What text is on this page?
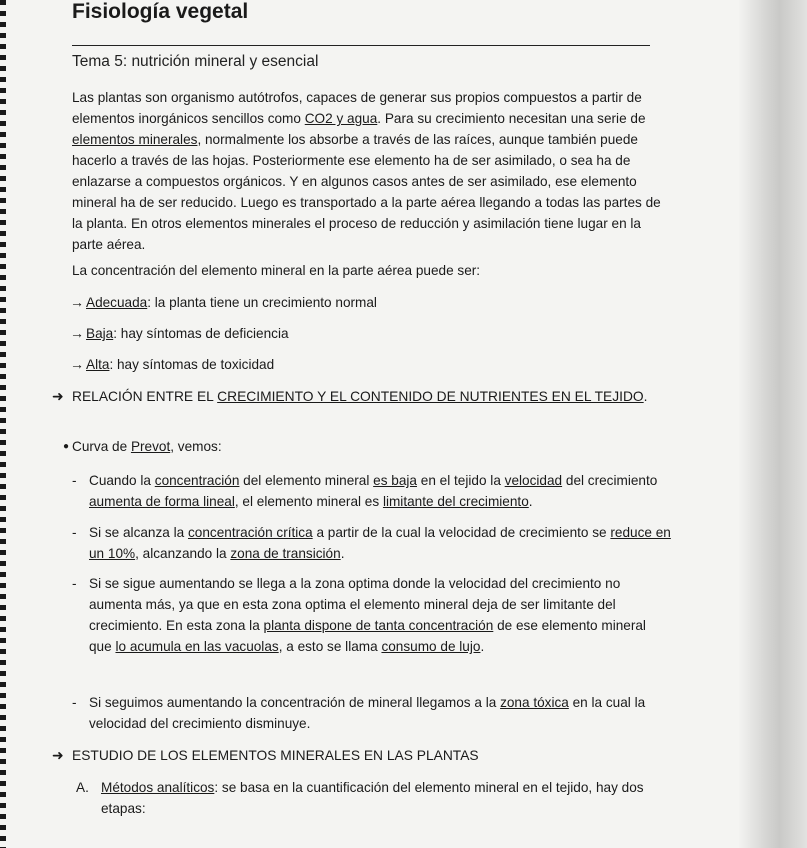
Fisiología vegetal
Tema 5: nutrición mineral y esencial

Las plantas son organismo autótrofos, capaces de generar sus propios compuestos a partir de elementos inorgánicos sencillos como CO2 y agua. Para su crecimiento necesitan una serie de elementos minerales, normalmente los absorbe a través de las raíces, aunque también puede hacerlo a través de las hojas. Posteriormente ese elemento ha de ser asimilado, o sea ha de enlazarse a compuestos orgánicos. Y en algunos casos antes de ser asimilado, ese elemento mineral ha de ser reducido. Luego es transportado a la parte aérea llegando a todas las partes de la planta. En otros elementos minerales el proceso de reducción y asimilación tiene lugar en la parte aérea.

La concentración del elemento mineral en la parte aérea puede ser:
→ Adecuada: la planta tiene un crecimiento normal
→ Baja: hay síntomas de deficiencia
→ Alta: hay síntomas de toxicidad
➜ RELACIÓN ENTRE EL CRECIMIENTO Y EL CONTENIDO DE NUTRIENTES EN EL TEJIDO.
● Curva de Prevot, vemos:
- Cuando la concentración del elemento mineral es baja en el tejido la velocidad del crecimiento aumenta de forma lineal, el elemento mineral es limitante del crecimiento.
- Si se alcanza la concentración crítica a partir de la cual la velocidad de crecimiento se reduce en un 10%, alcanzando la zona de transición.
- Si se sigue aumentando se llega a la zona optima donde la velocidad del crecimiento no aumenta más, ya que en esta zona optima el elemento mineral deja de ser limitante del crecimiento. En esta zona la planta dispone de tanta concentración de ese elemento mineral que lo acumula en las vacuolas, a esto se llama consumo de lujo.
- Si seguimos aumentando la concentración de mineral llegamos a la zona tóxica en la cual la velocidad del crecimiento disminuye.
➜ ESTUDIO DE LOS ELEMENTOS MINERALES EN LAS PLANTAS
A. Métodos analíticos: se basa en la cuantificación del elemento mineral en el tejido, hay dos etapas:
